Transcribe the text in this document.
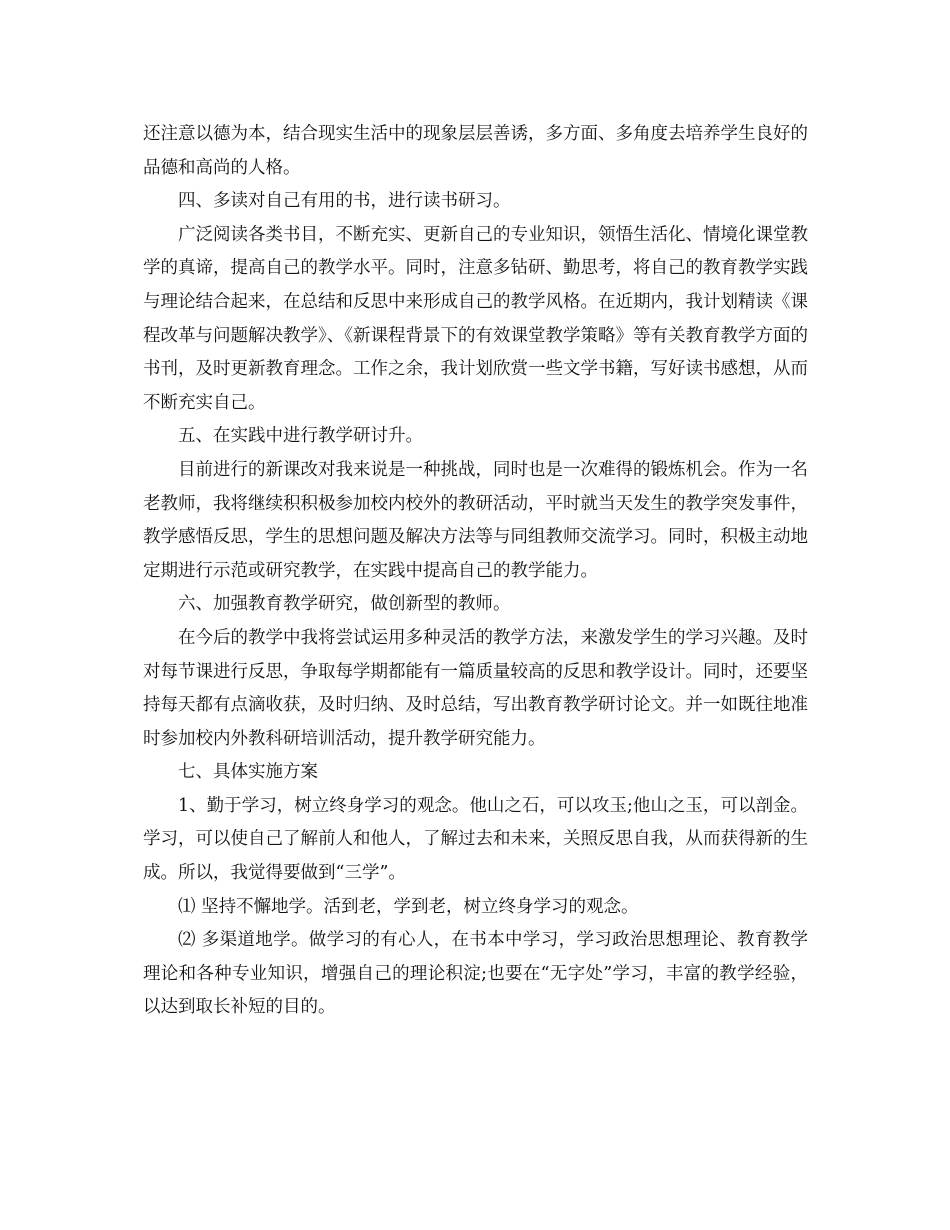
还注意以德为本，结合现实生活中的现象层层善诱，多方面、多角度去培养学生良好的品德和高尚的人格。

四、多读对自己有用的书，进行读书研习。

广泛阅读各类书目，不断充实、更新自己的专业知识，领悟生活化、情境化课堂教学的真谛，提高自己的教学水平。同时，注意多钻研、勤思考，将自己的教育教学实践与理论结合起来，在总结和反思中来形成自己的教学风格。在近期内，我计划精读《课程改革与问题解决教学》、《新课程背景下的有效课堂教学策略》等有关教育教学方面的书刊，及时更新教育理念。工作之余，我计划欣赏一些文学书籍，写好读书感想，从而不断充实自己。

五、在实践中进行教学研讨升。

目前进行的新课改对我来说是一种挑战，同时也是一次难得的锻炼机会。作为一名老教师，我将继续积积极参加校内校外的教研活动，平时就当天发生的教学突发事件，教学感悟反思，学生的思想问题及解决方法等与同组教师交流学习。同时，积极主动地定期进行示范或研究教学，在实践中提高自己的教学能力。

六、加强教育教学研究，做创新型的教师。

在今后的教学中我将尝试运用多种灵活的教学方法，来激发学生的学习兴趣。及时对每节课进行反思，争取每学期都能有一篇质量较高的反思和教学设计。同时，还要坚持每天都有点滴收获，及时归纳、及时总结，写出教育教学研讨论文。并一如既往地准时参加校内外教科研培训活动，提升教学研究能力。

七、具体实施方案

1、勤于学习，树立终身学习的观念。他山之石，可以攻玉;他山之玉，可以剖金。学习，可以使自己了解前人和他人，了解过去和未来，关照反思自我，从而获得新的生成。所以，我觉得要做到“三学”。

⑴ 坚持不懈地学。活到老，学到老，树立终身学习的观念。

⑵ 多渠道地学。做学习的有心人，在书本中学习，学习政治思想理论、教育教学理论和各种专业知识，增强自己的理论积淀;也要在“无字处”学习，丰富的教学经验，以达到取长补短的目的。
